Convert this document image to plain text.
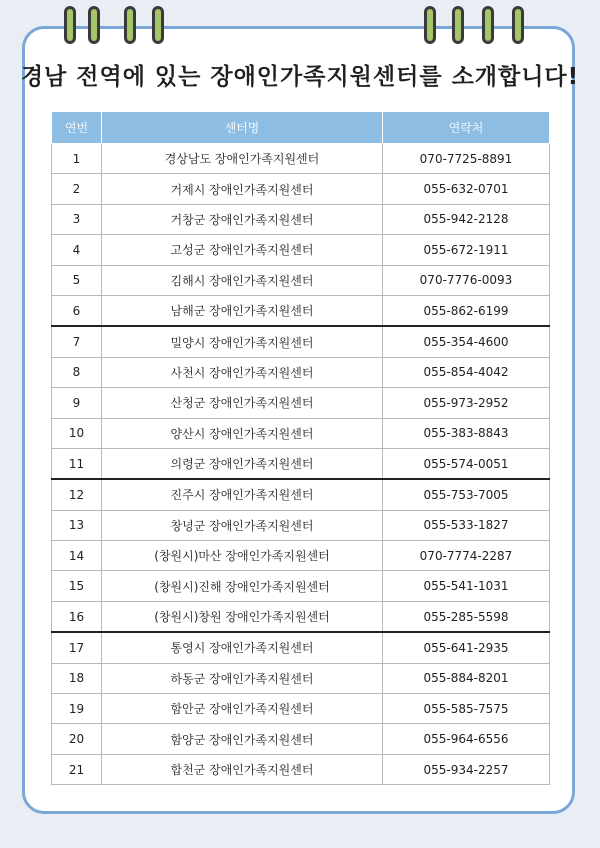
경남 전역에 있는 장애인가족지원센터를 소개합니다!
연번	센터명	연락처
1	경상남도 장애인가족지원센터	070-7725-8891
2	거제시 장애인가족지원센터	055-632-0701
3	거창군 장애인가족지원센터	055-942-2128
4	고성군 장애인가족지원센터	055-672-1911
5	김해시 장애인가족지원센터	070-7776-0093
6	남해군 장애인가족지원센터	055-862-6199
7	밀양시 장애인가족지원센터	055-354-4600
8	사천시 장애인가족지원센터	055-854-4042
9	산청군 장애인가족지원센터	055-973-2952
10	양산시 장애인가족지원센터	055-383-8843
11	의령군 장애인가족지원센터	055-574-0051
12	진주시 장애인가족지원센터	055-753-7005
13	창녕군 장애인가족지원센터	055-533-1827
14	(창원시)마산 장애인가족지원센터	070-7774-2287
15	(창원시)진해 장애인가족지원센터	055-541-1031
16	(창원시)창원 장애인가족지원센터	055-285-5598
17	통영시 장애인가족지원센터	055-641-2935
18	하동군 장애인가족지원센터	055-884-8201
19	함안군 장애인가족지원센터	055-585-7575
20	함양군 장애인가족지원센터	055-964-6556
21	합천군 장애인가족지원센터	055-934-2257
